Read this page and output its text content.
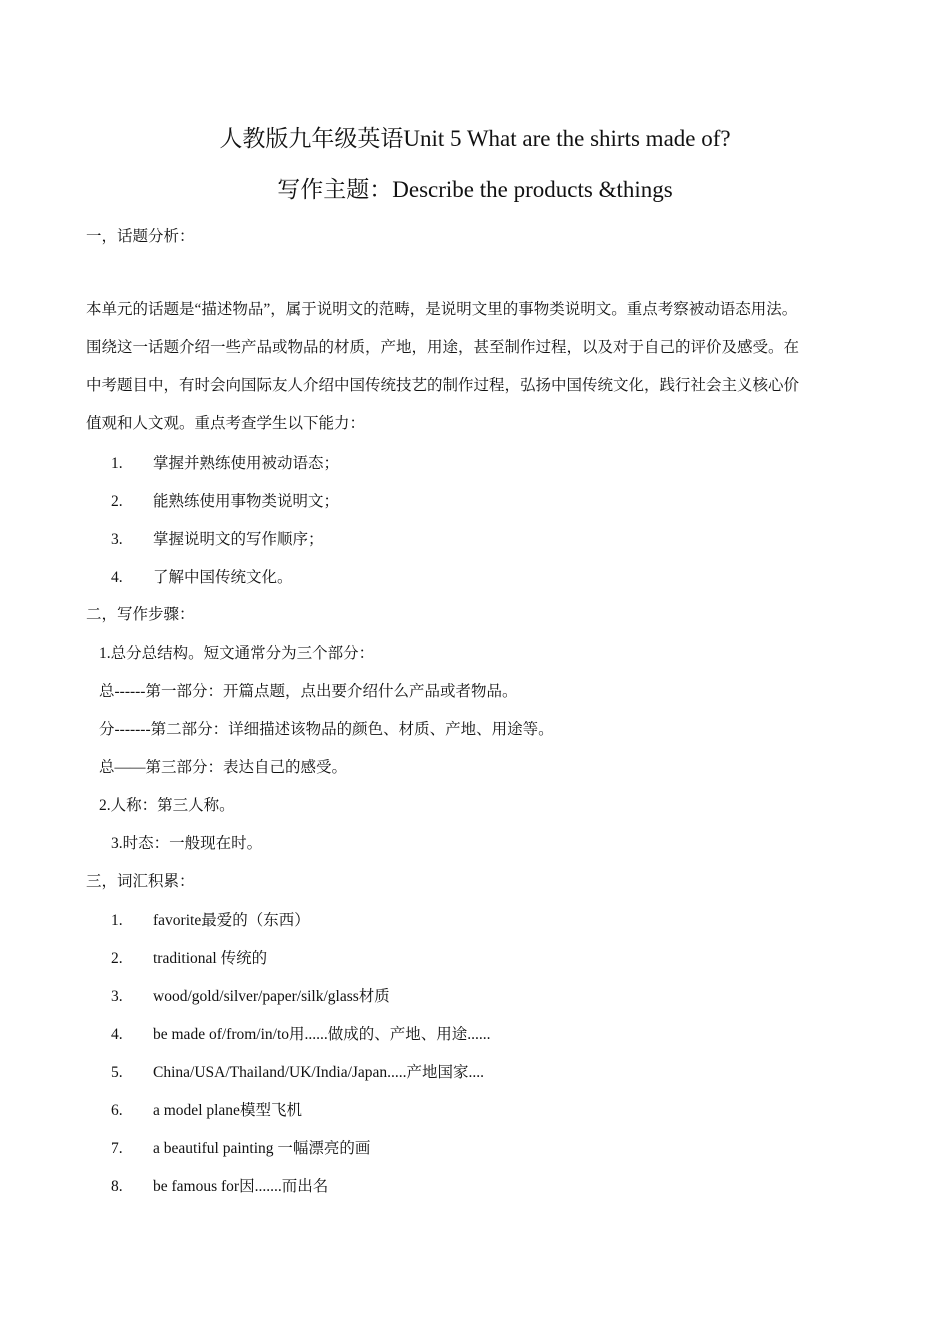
人教版九年级英语Unit 5 What are the shirts made of?
写作主题：Describe the products &things
一，话题分析：

本单元的话题是“描述物品”，属于说明文的范畴，是说明文里的事物类说明文。重点考察被动语态用法。

围绕这一话题介绍一些产品或物品的材质，产地，用途，甚至制作过程，以及对于自己的评价及感受。在

中考题目中，有时会向国际友人介绍中国传统技艺的制作过程，弘扬中国传统文化，践行社会主义核心价

值观和人文观。重点考查学生以下能力：

1. 掌握并熟练使用被动语态；
2. 能熟练使用事物类说明文；
3. 掌握说明文的写作顺序；
4. 了解中国传统文化。
二，写作步骤：
1.总分总结构。短文通常分为三个部分：
总------第一部分：开篇点题，点出要介绍什么产品或者物品。
分-------第二部分：详细描述该物品的颜色、材质、产地、用途等。
总——第三部分：表达自己的感受。
2.人称：第三人称。
3.时态：一般现在时。
三，词汇积累：
1. favorite最爱的（东西）
2. traditional 传统的
3. wood/gold/silver/paper/silk/glass材质
4. be made of/from/in/to用......做成的、产地、用途......
5. China/USA/Thailand/UK/India/Japan.....产地国家....
6. a model plane模型飞机
7. a beautiful painting 一幅漂亮的画
8. be famous for因.......而出名
